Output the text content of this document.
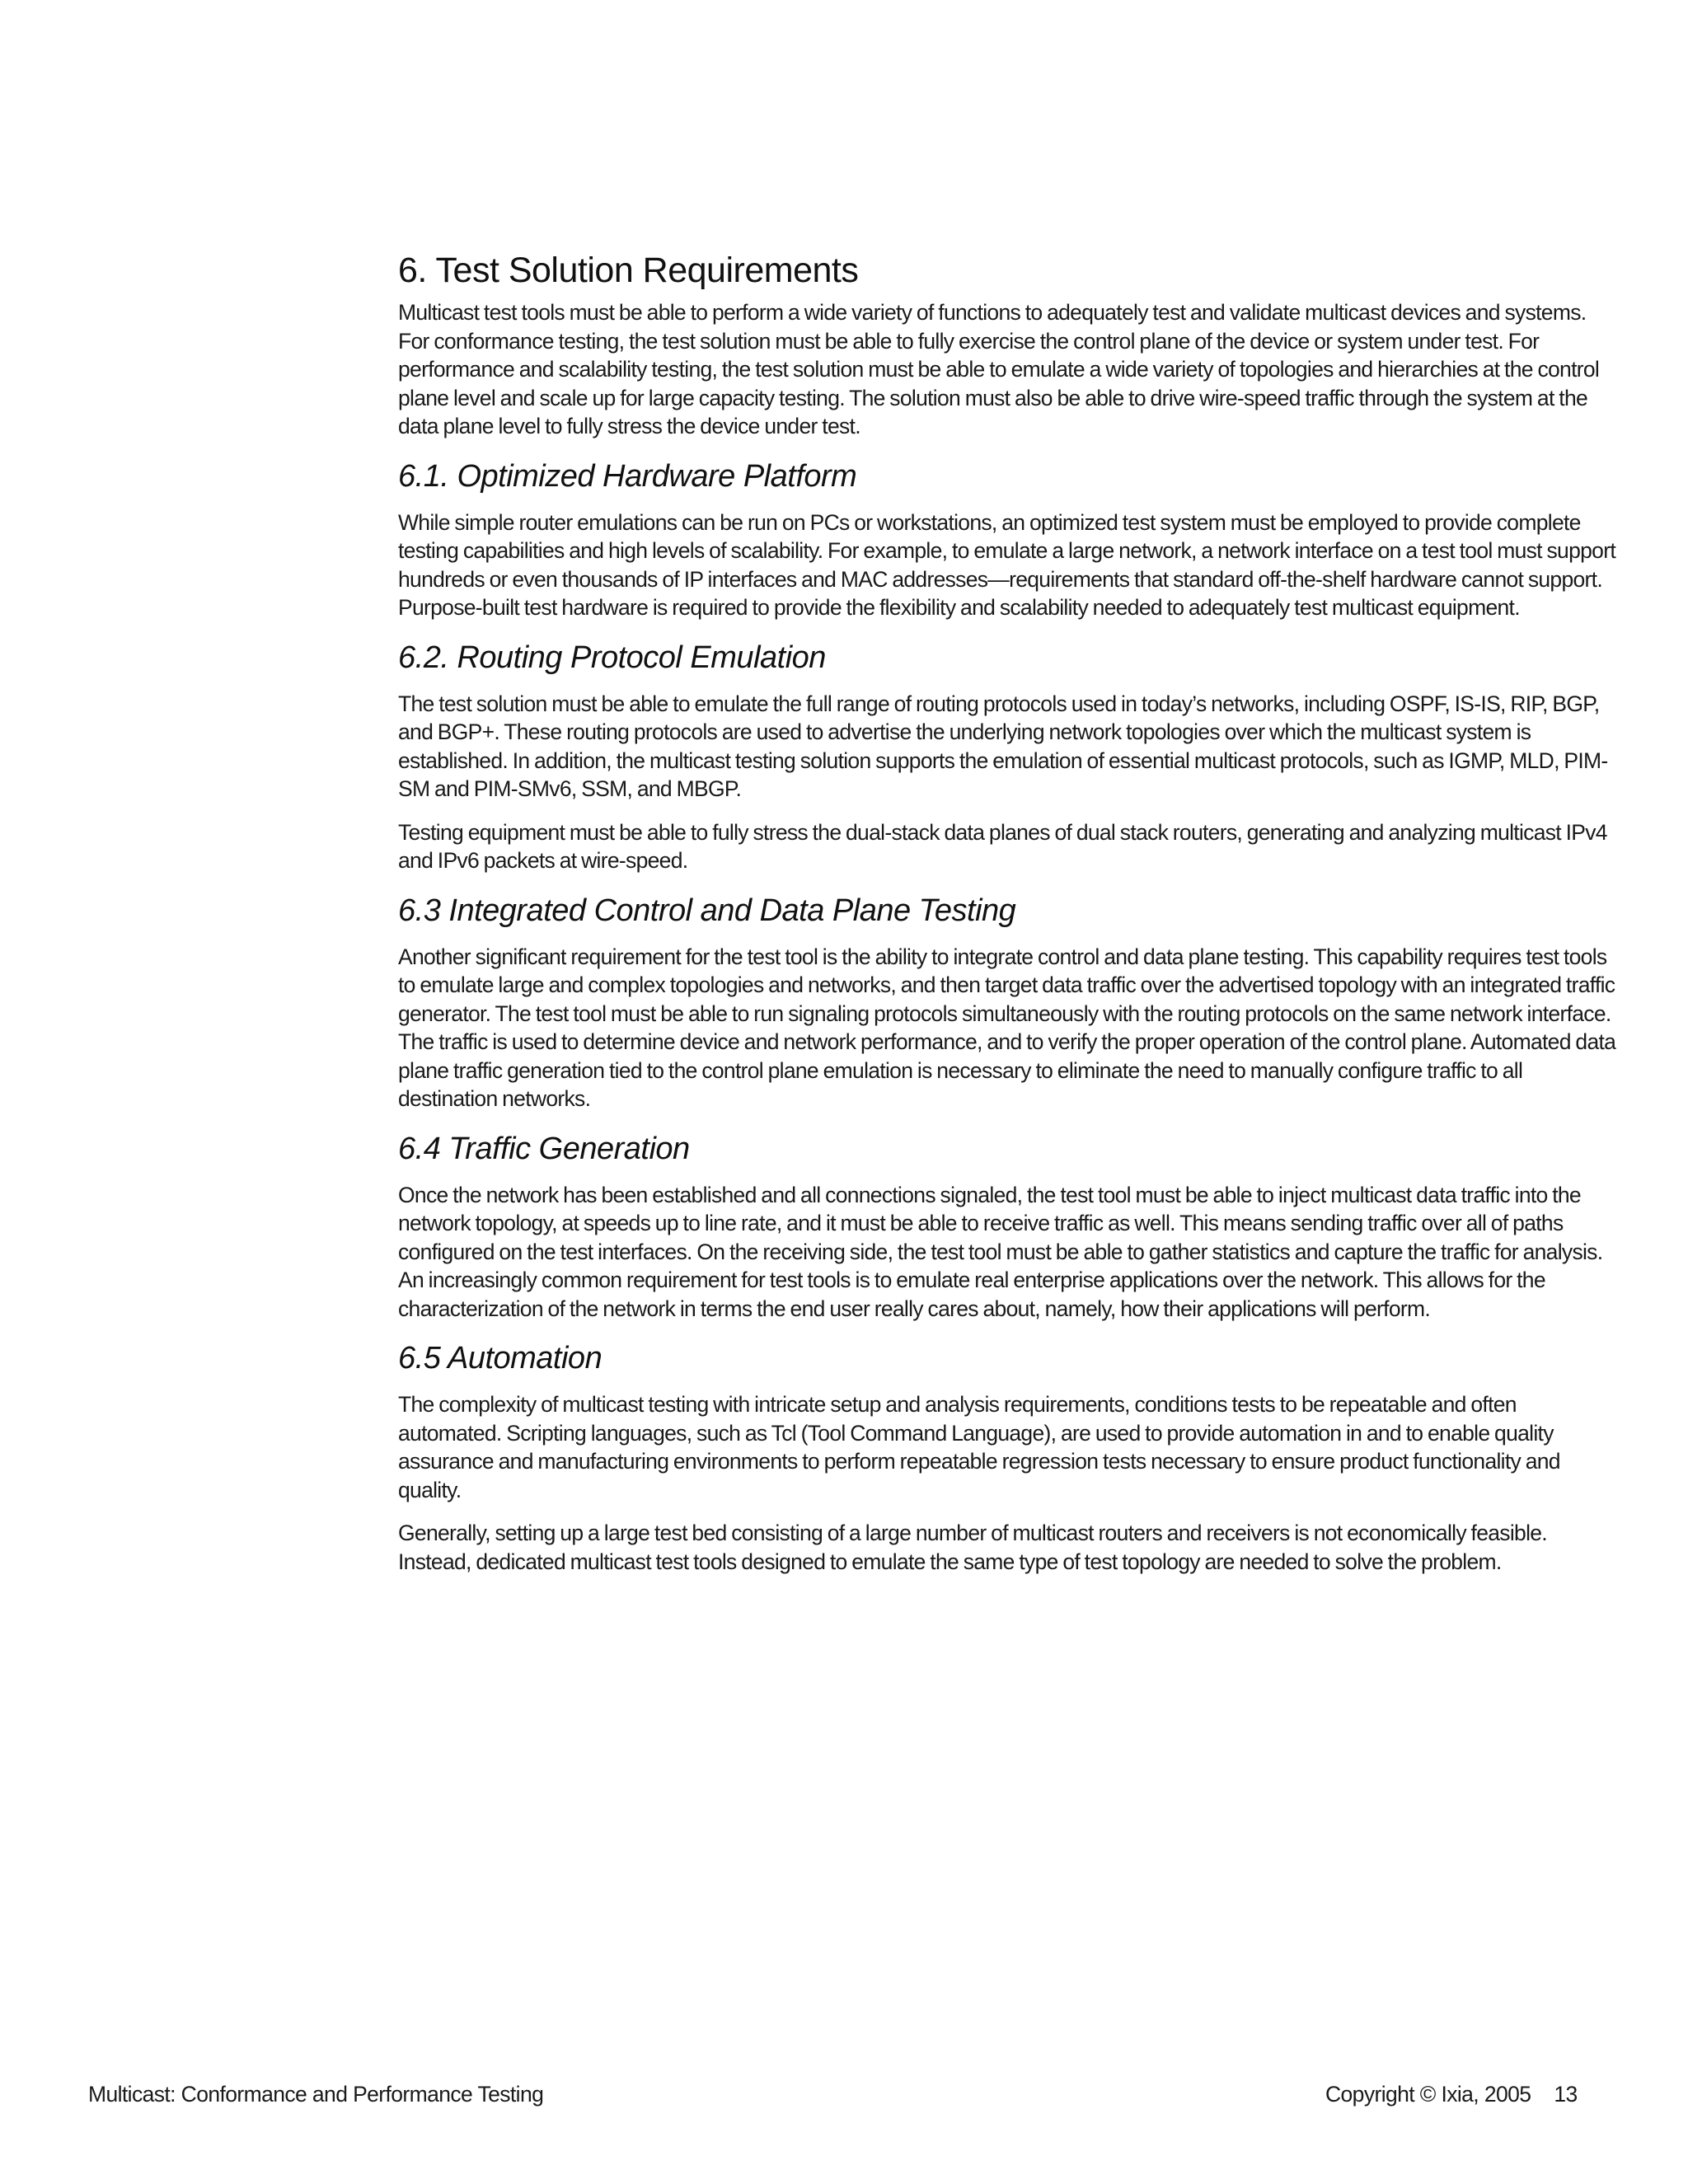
6. Test Solution Requirements

Multicast test tools must be able to perform a wide variety of functions to adequately test and validate multicast devices and systems. For conformance testing, the test solution must be able to fully exercise the control plane of the device or system under test. For performance and scalability testing, the test solution must be able to emulate a wide variety of topologies and hierarchies at the control plane level and scale up for large capacity testing. The solution must also be able to drive wire-speed traffic through the system at the data plane level to fully stress the device under test.

6.1. Optimized Hardware Platform

While simple router emulations can be run on PCs or workstations, an optimized test system must be employed to provide complete testing capabilities and high levels of scalability. For example, to emulate a large network, a network interface on a test tool must support hundreds or even thousands of IP interfaces and MAC addresses—requirements that standard off-the-shelf hardware cannot support. Purpose-built test hardware is required to provide the flexibility and scalability needed to adequately test multicast equipment.

6.2. Routing Protocol Emulation

The test solution must be able to emulate the full range of routing protocols used in today’s networks, including OSPF, IS-IS, RIP, BGP, and BGP+. These routing protocols are used to advertise the underlying network topologies over which the multicast system is established. In addition, the multicast testing solution supports the emulation of essential multicast protocols, such as IGMP, MLD, PIM-SM and PIM-SMv6, SSM, and MBGP.

Testing equipment must be able to fully stress the dual-stack data planes of dual stack routers, generating and analyzing multicast IPv4 and IPv6 packets at wire-speed.

6.3 Integrated Control and Data Plane Testing

Another significant requirement for the test tool is the ability to integrate control and data plane testing. This capability requires test tools to emulate large and complex topologies and networks, and then target data traffic over the advertised topology with an integrated traffic generator. The test tool must be able to run signaling protocols simultaneously with the routing protocols on the same network interface. The traffic is used to determine device and network performance, and to verify the proper operation of the control plane. Automated data plane traffic generation tied to the control plane emulation is necessary to eliminate the need to manually configure traffic to all destination networks.

6.4 Traffic Generation

Once the network has been established and all connections signaled, the test tool must be able to inject multicast data traffic into the network topology, at speeds up to line rate, and it must be able to receive traffic as well. This means sending traffic over all of paths configured on the test interfaces. On the receiving side, the test tool must be able to gather statistics and capture the traffic for analysis. An increasingly common requirement for test tools is to emulate real enterprise applications over the network. This allows for the characterization of the network in terms the end user really cares about, namely, how their applications will perform.

6.5 Automation

The complexity of multicast testing with intricate setup and analysis requirements, conditions tests to be repeatable and often automated. Scripting languages, such as Tcl (Tool Command Language), are used to provide automation in and to enable quality assurance and manufacturing environments to perform repeatable regression tests necessary to ensure product functionality and quality.

Generally, setting up a large test bed consisting of a large number of multicast routers and receivers is not economically feasible. Instead, dedicated multicast test tools designed to emulate the same type of test topology are needed to solve the problem.

Multicast: Conformance and Performance Testing	Copyright © Ixia, 2005 13
